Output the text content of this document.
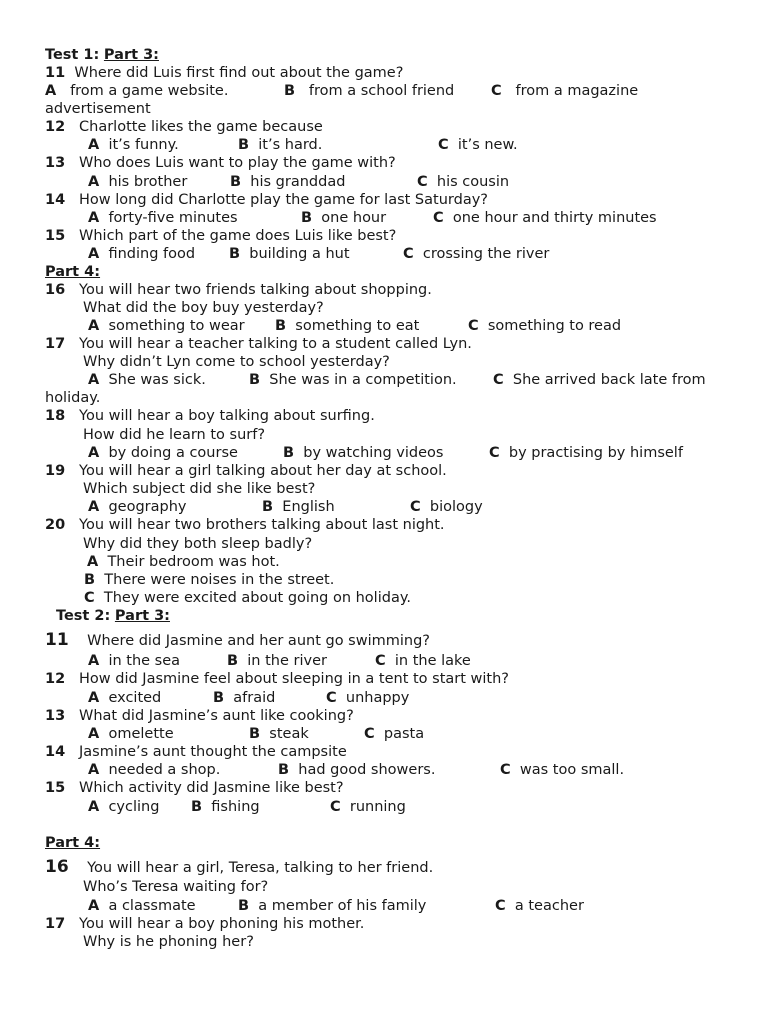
Test 1: Part 3:
11 Where did Luis first find out about the game?
A from a game website.	B from a school friend	C from a magazine
advertisement
12 Charlotte likes the game because
A it’s funny.	B it’s hard.	C it’s new.
13 Who does Luis want to play the game with?
A his brother	B his granddad	C his cousin
14 How long did Charlotte play the game for last Saturday?
A forty-five minutes	B one hour	C one hour and thirty minutes
15 Which part of the game does Luis like best?
A finding food B building a hut	C crossing the river
Part 4:
16 You will hear two friends talking about shopping.
What did the boy buy yesterday?
A something to wear B something to eat	C something to read
17 You will hear a teacher talking to a student called Lyn.
Why didn’t Lyn come to school yesterday?
A She was sick.	B She was in a competition.	C She arrived back late from
holiday.
18 You will hear a boy talking about surfing.
How did he learn to surf?
A by doing a course	B by watching videos	C by practising by himself
19 You will hear a girl talking about her day at school.
Which subject did she like best?
A geography	B English	C biology
20 You will hear two brothers talking about last night.
Why did they both sleep badly?
A Their bedroom was hot.
B There were noises in the street.
C They were excited about going on holiday.
Test 2: Part 3:
11 Where did Jasmine and her aunt go swimming?
A in the sea	B in the river	C in the lake
12 How did Jasmine feel about sleeping in a tent to start with?
A excited	B afraid	C unhappy
13 What did Jasmine’s aunt like cooking?
A omelette	B steak	C pasta
14 Jasmine’s aunt thought the campsite
A needed a shop.	B had good showers.	C was too small.
15 Which activity did Jasmine like best?
A cycling B fishing	C running
Part 4:
16 You will hear a girl, Teresa, talking to her friend.
Who’s Teresa waiting for?
A a classmate	B a member of his family	C a teacher
17 You will hear a boy phoning his mother.
Why is he phoning her?
